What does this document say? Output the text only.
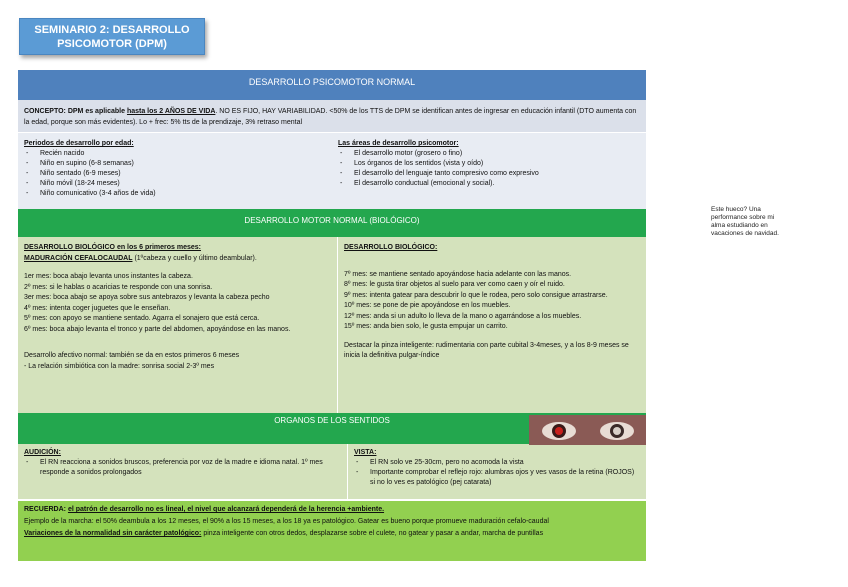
SEMINARIO 2: DESARROLLO
PSICOMOTOR (DPM)
DESARROLLO PSICOMOTOR NORMAL
CONCEPTO: DPM es aplicable hasta los 2 AÑOS DE VIDA. NO ES FIJO, HAY VARIABILIDAD. <50% de los TTS de DPM se identifican antes de ingresar en educación infantil (DTO aumenta con la edad, porque son más evidentes). Lo + frec: 5% tts de la prendizaje, 3% retraso mental
Periodos de desarrollo por edad:
- Recién nacido
- Niño en supino (6-8 semanas)
- Niño sentado (6-9 meses)
- Niño móvil (18-24 meses)
- Niño comunicativo (3-4 años de vida)
Las áreas de desarrollo psicomotor:
- El desarrollo motor (grosero o fino)
- Los órganos de los sentidos (vista y oído)
- El desarrollo del lenguaje tanto compresivo como expresivo
- El desarrollo conductual (emocional y social).
DESARROLLO MOTOR NORMAL (BIOLÓGICO)
DESARROLLO BIOLÓGICO en los 6 primeros meses:
MADURACIÓN CEFALOCAUDAL (1ºcabeza y cuello y último deambular).
1er mes: boca abajo levanta unos instantes la cabeza.
2º mes: si le hablas o acaricias te responde con una sonrisa.
3er mes: boca abajo se apoya sobre sus antebrazos y levanta la cabeza pecho
4º mes: intenta coger juguetes que le enseñan.
5º mes: con apoyo se mantiene sentado. Agarra el sonajero que está cerca.
6º mes: boca abajo levanta el tronco y parte del abdomen, apoyándose en las manos.
Desarrollo afectivo normal: también se da en estos primeros 6 meses
- La relación simbiótica con la madre: sonrisa social 2-3º mes
DESARROLLO BIOLÓGICO:
7º mes: se mantiene sentado apoyándose hacia adelante con las manos.
8º mes: le gusta tirar objetos al suelo para ver como caen y oír el ruido.
9º mes: intenta gatear para descubrir lo que le rodea, pero solo consigue arrastrarse.
10º mes: se pone de pie apoyándose en los muebles.
12º mes: anda si un adulto lo lleva de la mano o agarrándose a los muebles.
15º mes: anda bien solo, le gusta empujar un carrito.
Destacar la pinza inteligente: rudimentaria con parte cubital 3-4meses, y a los 8-9 meses se inicia la definitiva pulgar-índice
ORGANOS DE LOS SENTIDOS
AUDICIÓN:
- El RN reacciona a sonidos bruscos, preferencia por voz de la madre e idioma natal. 1º mes responde a sonidos prolongados
VISTA:
- El RN solo ve 25-30cm, pero no acomoda la vista
- Importante comprobar el reflejo rojo: alumbras ojos y ves vasos de la retina (ROJOS) si no lo ves es patológico (pej catarata)
RECUERDA: el patrón de desarrollo no es lineal, el nivel que alcanzará dependerá de la herencia +ambiente.
Ejemplo de la marcha: el 50% deambula a los 12 meses, el 90% a los 15 meses, a los 18 ya es patológico. Gatear es bueno porque promueve maduración cefalo-caudal
Variaciones de la normalidad sin carácter patológico: pinza inteligente con otros dedos, desplazarse sobre el culete, no gatear y pasar a andar, marcha de puntillas
Este hueco? Una performance sobre mi alma estudiando en vacaciones de navidad.
